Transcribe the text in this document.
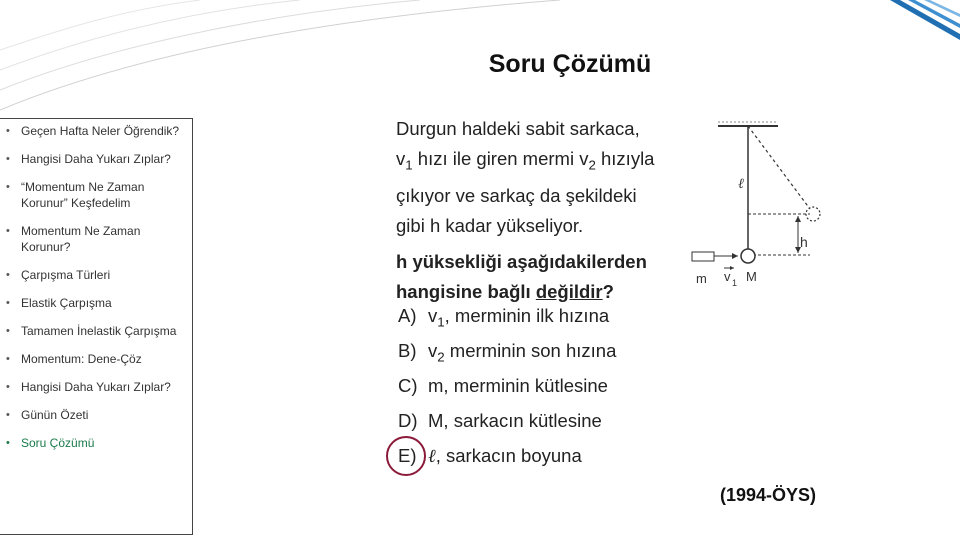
Soru Çözümü
• Geçen Hafta Neler Öğrendik?
• Hangisi Daha Yukarı Zıplar?
• “Momentum Ne Zaman Korunur” Keşfedelim
• Momentum Ne Zaman Korunur?
• Çarpışma Türleri
• Elastik Çarpışma
• Tamamen İnelastik Çarpışma
• Momentum: Dene-Çöz
• Hangisi Daha Yukarı Zıplar?
• Günün Özeti
• Soru Çözümü

Durgun haldeki sabit sarkaca,
$v_1$ hızı ile giren mermi $v_2$ hızıyla
çıkıyor ve sarkaç da şekildeki
gibi h kadar yükseliyor.

h yüksekliği aşağıdakilerden
hangisine bağlı değildir?

A) $v_1$, merminin ilk hızına
B) $v_2$ merminin son hızına
C) m, merminin kütlesine
D) M, sarkacın kütlesine
E) ℓ, sarkacın boyuna
ℓ
h
m v 1 M
(1994-ÖYS)
